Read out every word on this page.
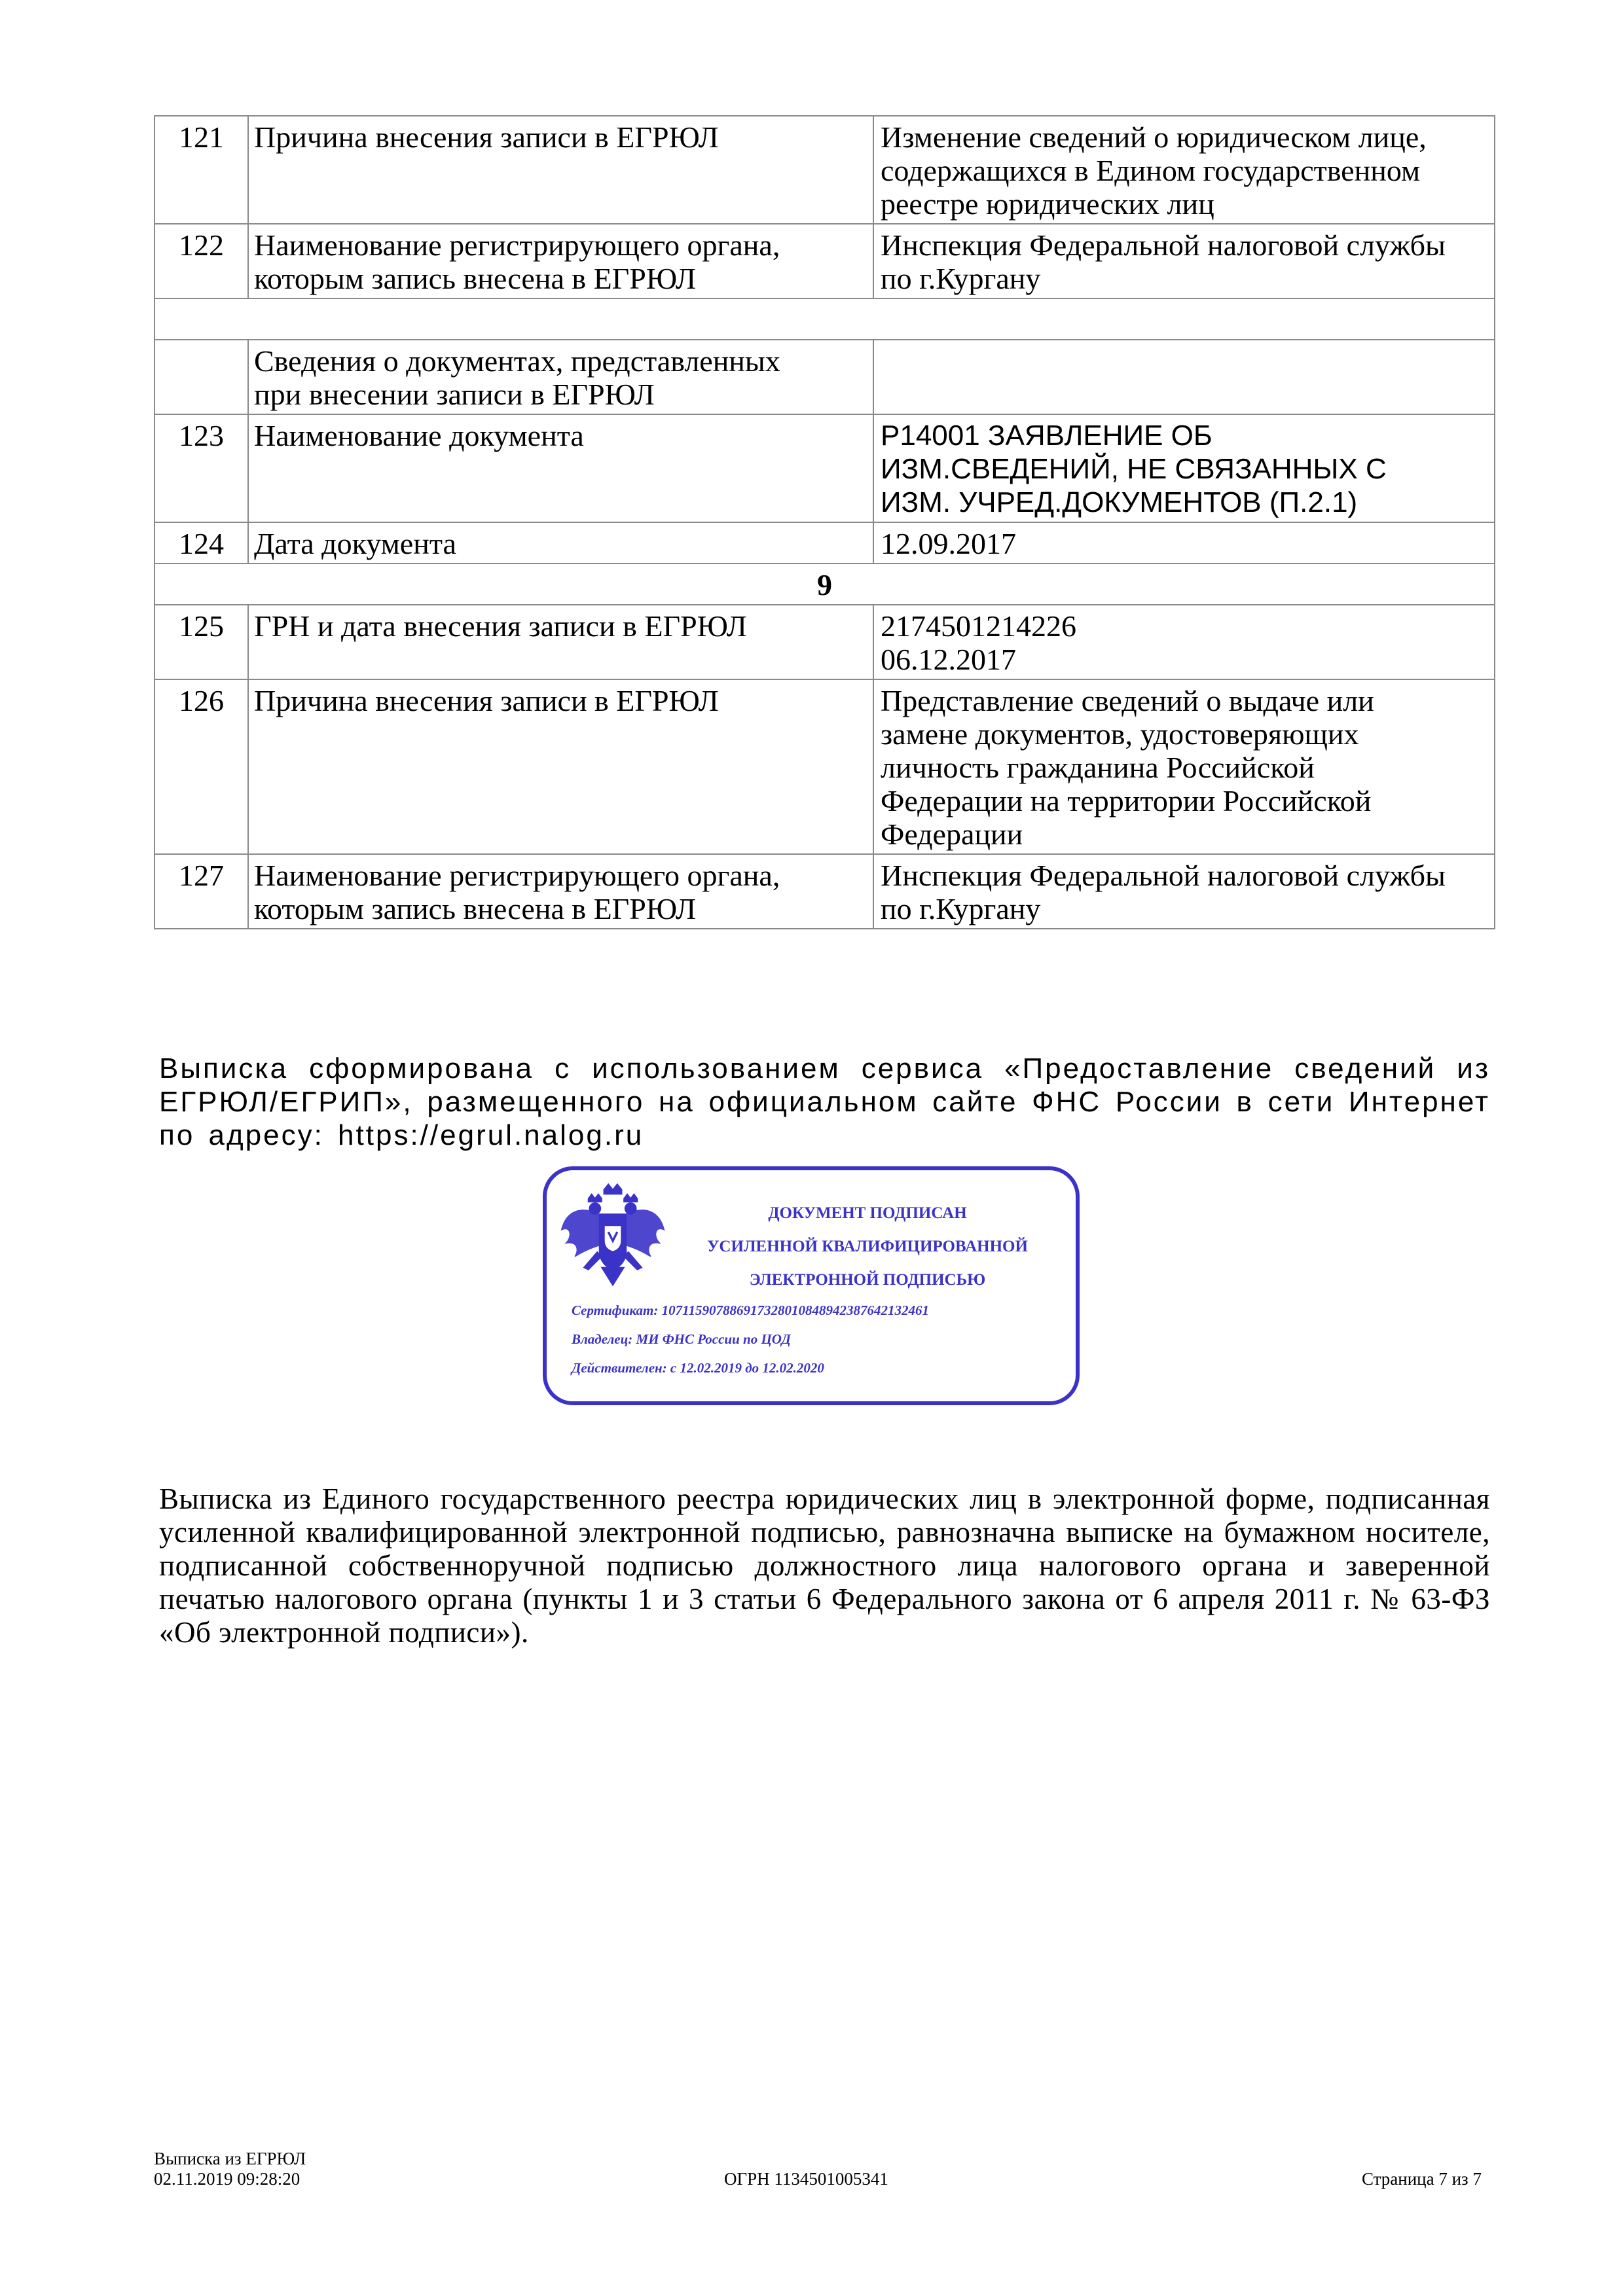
121	Причина внесения записи в ЕГРЮЛ	Изменение сведений о юридическом лице,
содержащихся в Едином государственном
реестре юридических лиц
122	Наименование регистрирующего органа,
которым запись внесена в ЕГРЮЛ	Инспекция Федеральной налоговой службы
по г.Кургану

	Сведения о документах, представленных
при внесении записи в ЕГРЮЛ	
123	Наименование документа	Р14001 ЗАЯВЛЕНИЕ ОБ
ИЗМ.СВЕДЕНИЙ, НЕ СВЯЗАННЫХ С
ИЗМ. УЧРЕД.ДОКУМЕНТОВ (П.2.1)
124	Дата документа	12.09.2017
9		
125	ГРН и дата внесения записи в ЕГРЮЛ	2174501214226
06.12.2017
126	Причина внесения записи в ЕГРЮЛ	Представление сведений о выдаче или
замене документов, удостоверяющих
личность гражданина Российской
Федерации на территории Российской
Федерации
127	Наименование регистрирующего органа,
которым запись внесена в ЕГРЮЛ	Инспекция Федеральной налоговой службы
по г.Кургану

Выписка сформирована с использованием сервиса «Предоставление сведений из ЕГРЮЛ/ЕГРИП», размещенного на официальном сайте ФНС России в сети Интернет по адресу: https://egrul.nalog.ru

ДОКУМЕНТ ПОДПИСАН
УСИЛЕННОЙ КВАЛИФИЦИРОВАННОЙ
ЭЛЕКТРОННОЙ ПОДПИСЬЮ
Сертификат: 107115907886917328010848942387642132461
Владелец: МИ ФНС России по ЦОД
Действителен: с 12.02.2019 до 12.02.2020

Выписка из Единого государственного реестра юридических лиц в электронной форме, подписанная усиленной квалифицированной электронной подписью, равнозначна выписке на бумажном носителе, подписанной собственноручной подписью должностного лица налогового органа и заверенной печатью налогового органа (пункты 1 и 3 статьи 6 Федерального закона от 6 апреля 2011 г. № 63-ФЗ «Об электронной подписи»).

Выписка из ЕГРЮЛ
02.11.2019 09:28:20	ОГРН 1134501005341	Страница 7 из 7
